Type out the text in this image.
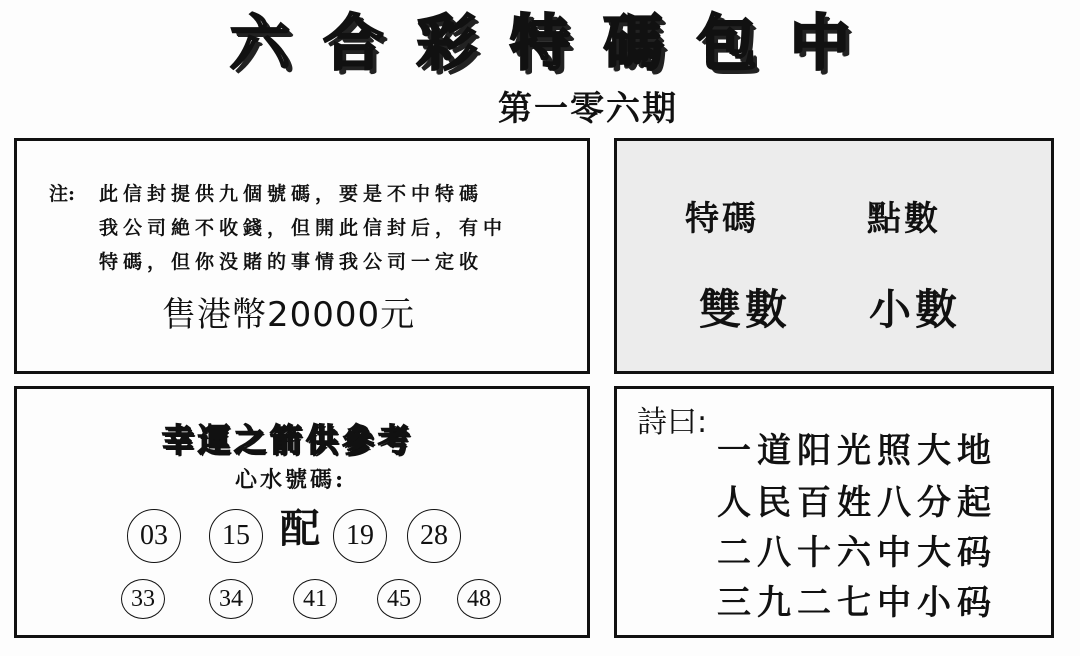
六 合 彩 特 碼 包 中
第一零六期
注: 此信封提供九個號碼，要是不中特碼
我公司絶不收錢，但開此信封后，有中
特碼，但你没賭的事情我公司一定收
售港幣20000元
特碼	點數
雙數 小數
幸運之箭供參考
心水號碼:
配
03	15	19	28
33	34	41	45	48
詩曰:
一道阳光照大地
人民百姓八分起
二八十六中大码
三九二七中小码
